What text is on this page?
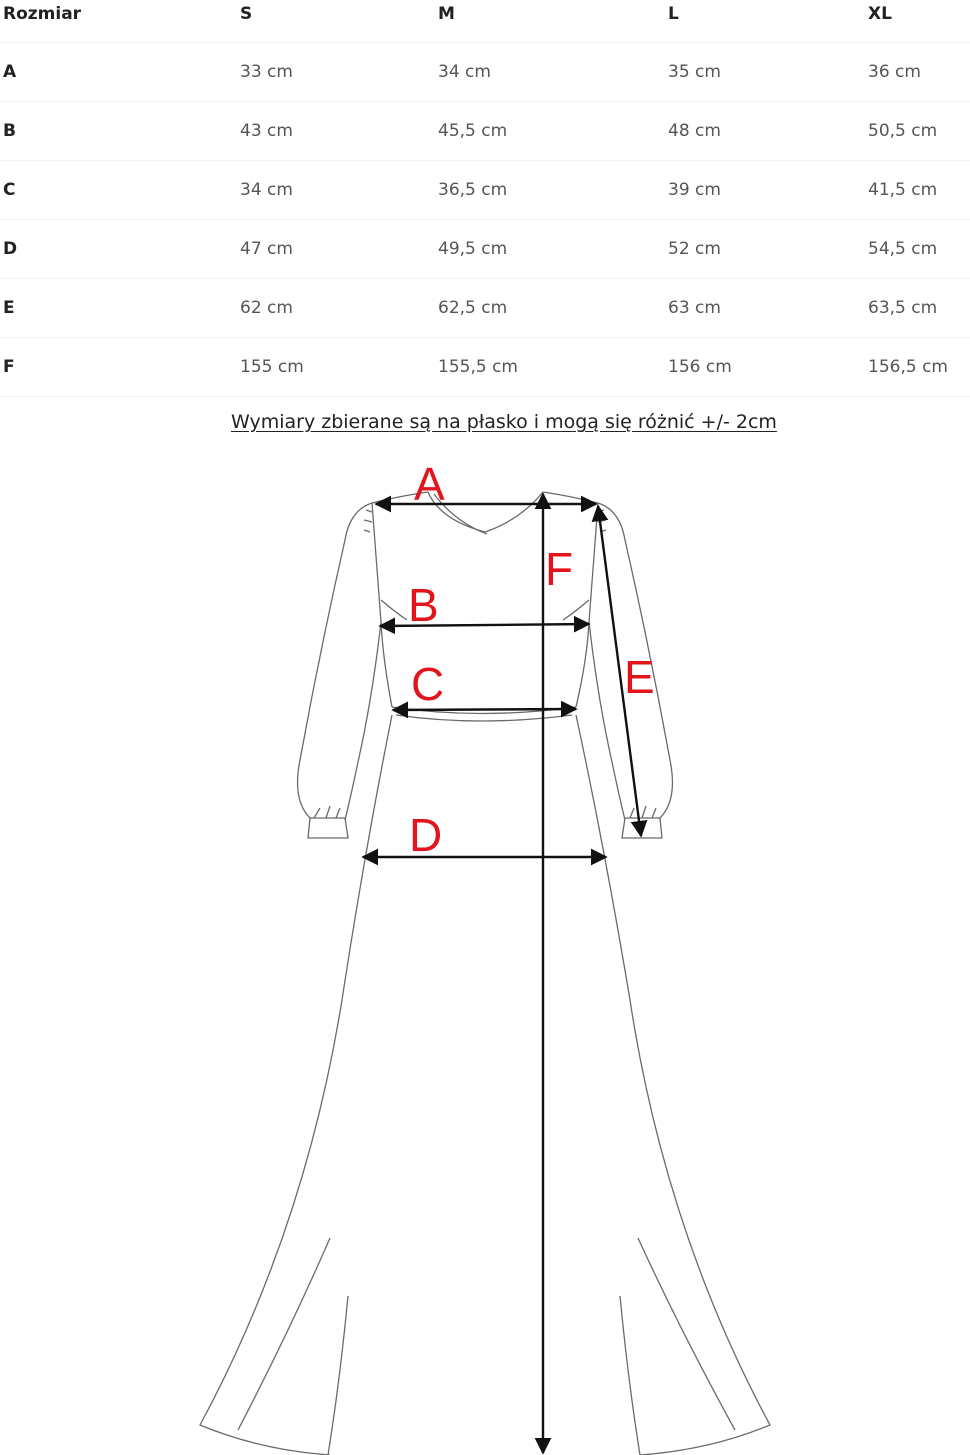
Rozmiar	S	M	L	XL
A	33 cm	34 cm	35 cm	36 cm
B	43 cm	45,5 cm	48 cm	50,5 cm
C	34 cm	36,5 cm	39 cm	41,5 cm
D	47 cm	49,5 cm	52 cm	54,5 cm
E	62 cm	62,5 cm	63 cm	63,5 cm
F	155 cm	155,5 cm	156 cm	156,5 cm
Wymiary zbierane są na płasko i mogą się różnić +/- 2cm
A
B
C
D
E
F
